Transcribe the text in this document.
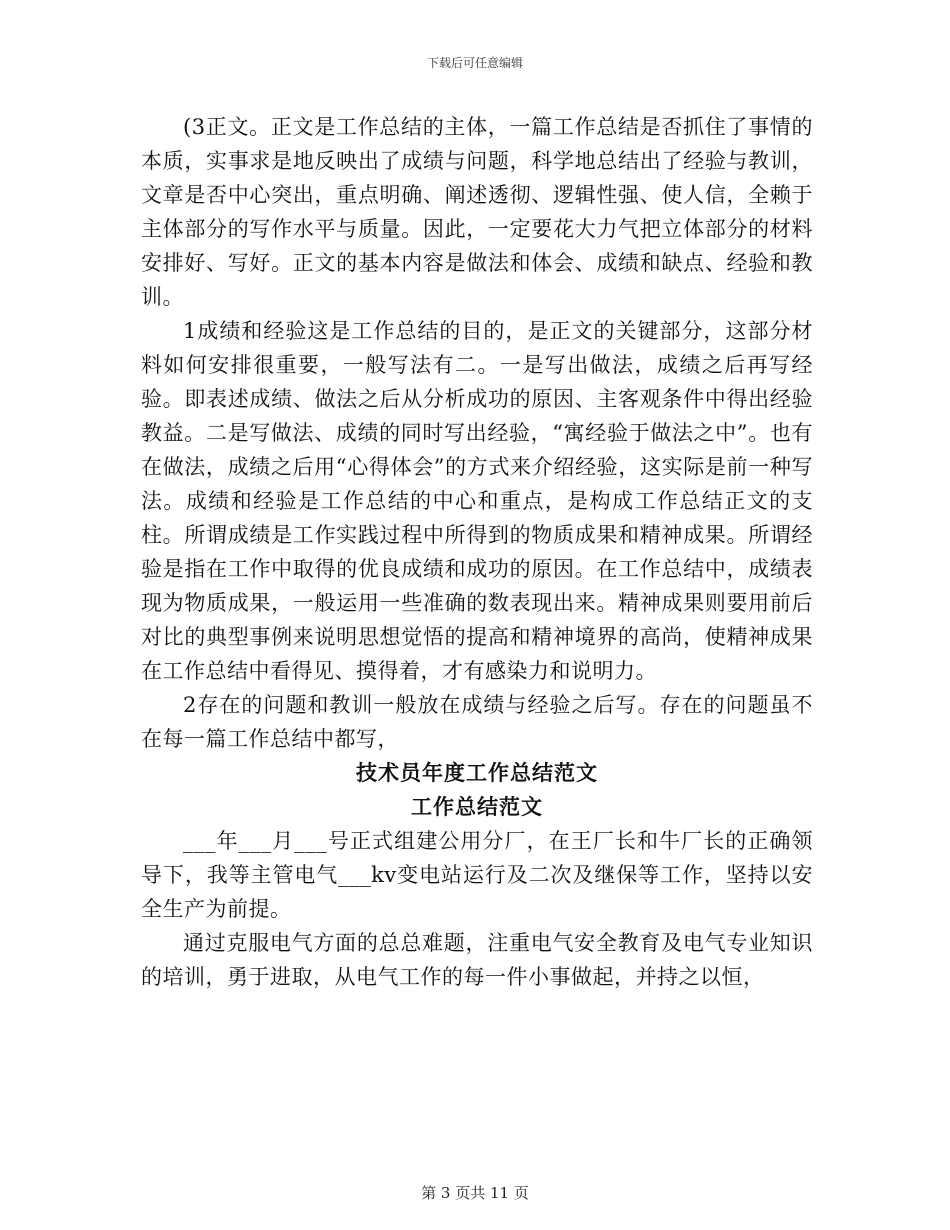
下载后可任意编辑

(3正文。正文是工作总结的主体，一篇工作总结是否抓住了事情的本质，实事求是地反映出了成绩与问题，科学地总结出了经验与教训，文章是否中心突出，重点明确、阐述透彻、逻辑性强、使人信，全赖于主体部分的写作水平与质量。因此，一定要花大力气把立体部分的材料安排好、写好。正文的基本内容是做法和体会、成绩和缺点、经验和教训。

1成绩和经验这是工作总结的目的，是正文的关键部分，这部分材料如何安排很重要，一般写法有二。一是写出做法，成绩之后再写经验。即表述成绩、做法之后从分析成功的原因、主客观条件中得出经验教益。二是写做法、成绩的同时写出经验，“寓经验于做法之中”。也有在做法，成绩之后用“心得体会”的方式来介绍经验，这实际是前一种写法。成绩和经验是工作总结的中心和重点，是构成工作总结正文的支柱。所谓成绩是工作实践过程中所得到的物质成果和精神成果。所谓经验是指在工作中取得的优良成绩和成功的原因。在工作总结中，成绩表现为物质成果，一般运用一些准确的数表现出来。精神成果则要用前后对比的典型事例来说明思想觉悟的提高和精神境界的高尚，使精神成果在工作总结中看得见、摸得着，才有感染力和说明力。

2存在的问题和教训一般放在成绩与经验之后写。存在的问题虽不在每一篇工作总结中都写，

技术员年度工作总结范文

工作总结范文

___年___月___号正式组建公用分厂，在王厂长和牛厂长的正确领导下，我等主管电气___kv变电站运行及二次及继保等工作，坚持以安全生产为前提。

通过克服电气方面的总总难题，注重电气安全教育及电气专业知识的培训，勇于进取，从电气工作的每一件小事做起，并持之以恒，

第 3 页共 11 页
